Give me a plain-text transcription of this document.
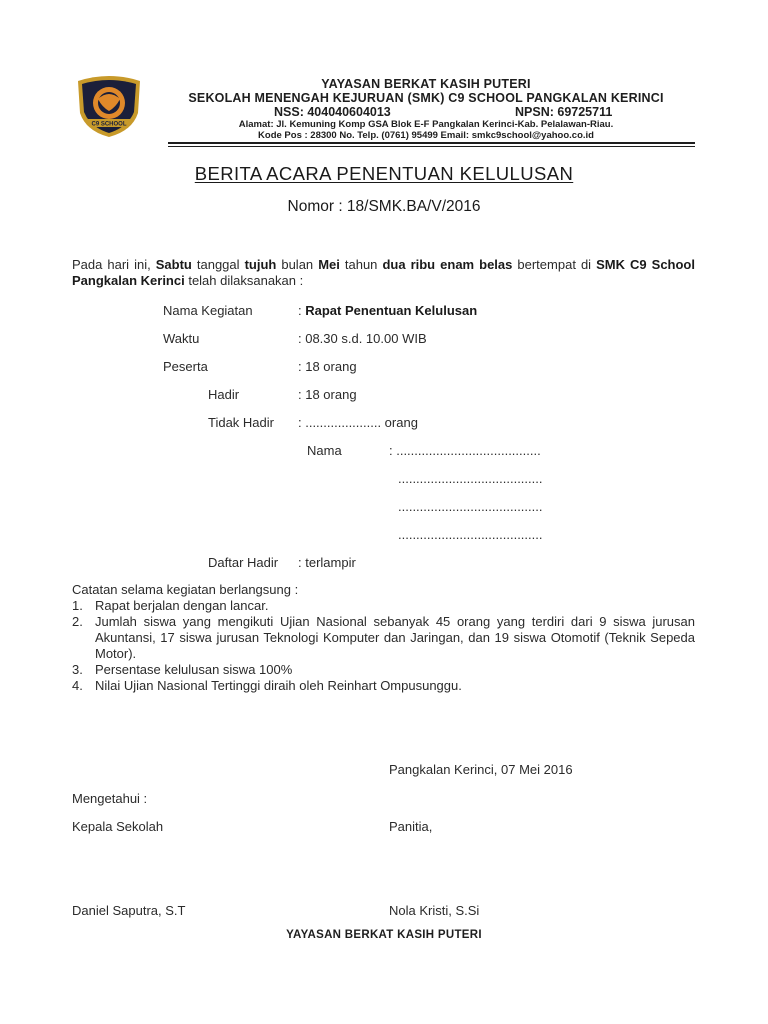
C9 SCHOOL
YAYASAN BERKAT KASIH PUTERI
SEKOLAH MENENGAH KEJURUAN (SMK) C9 SCHOOL PANGKALAN KERINCI
NSS: 404040604013	NPSN: 69725711
Alamat: Jl. Kemuning Komp GSA Blok E-F Pangkalan Kerinci-Kab. Pelalawan-Riau.
Kode Pos : 28300 No. Telp. (0761) 95499 Email: smkc9school@yahoo.co.id
BERITA ACARA PENENTUAN KELULUSAN
Nomor : 18/SMK.BA/V/2016
Pada hari ini, Sabtu tanggal tujuh bulan Mei tahun dua ribu enam belas bertempat di SMK C9 School Pangkalan Kerinci telah dilaksanakan :
Nama Kegiatan	: Rapat Penentuan Kelulusan
Waktu	: 08.30 s.d. 10.00 WIB
Peserta	: 18 orang
Hadir	: 18 orang
Tidak Hadir : ..................... orang
Nama	: ........................................
........................................
........................................
........................................
Daftar Hadir : terlampir
Catatan selama kegiatan berlangsung :
1. Rapat berjalan dengan lancar.
2. Jumlah siswa yang mengikuti Ujian Nasional sebanyak 45 orang yang terdiri dari 9 siswa jurusan Akuntansi, 17 siswa jurusan Teknologi Komputer dan Jaringan, dan 19 siswa Otomotif (Teknik Sepeda Motor).
3. Persentase kelulusan siswa 100%
4. Nilai Ujian Nasional Tertinggi diraih oleh Reinhart Ompusunggu.
Pangkalan Kerinci, 07 Mei 2016
Mengetahui :
Kepala Sekolah	Panitia,
Daniel Saputra, S.T	Nola Kristi, S.Si
YAYASAN BERKAT KASIH PUTERI
